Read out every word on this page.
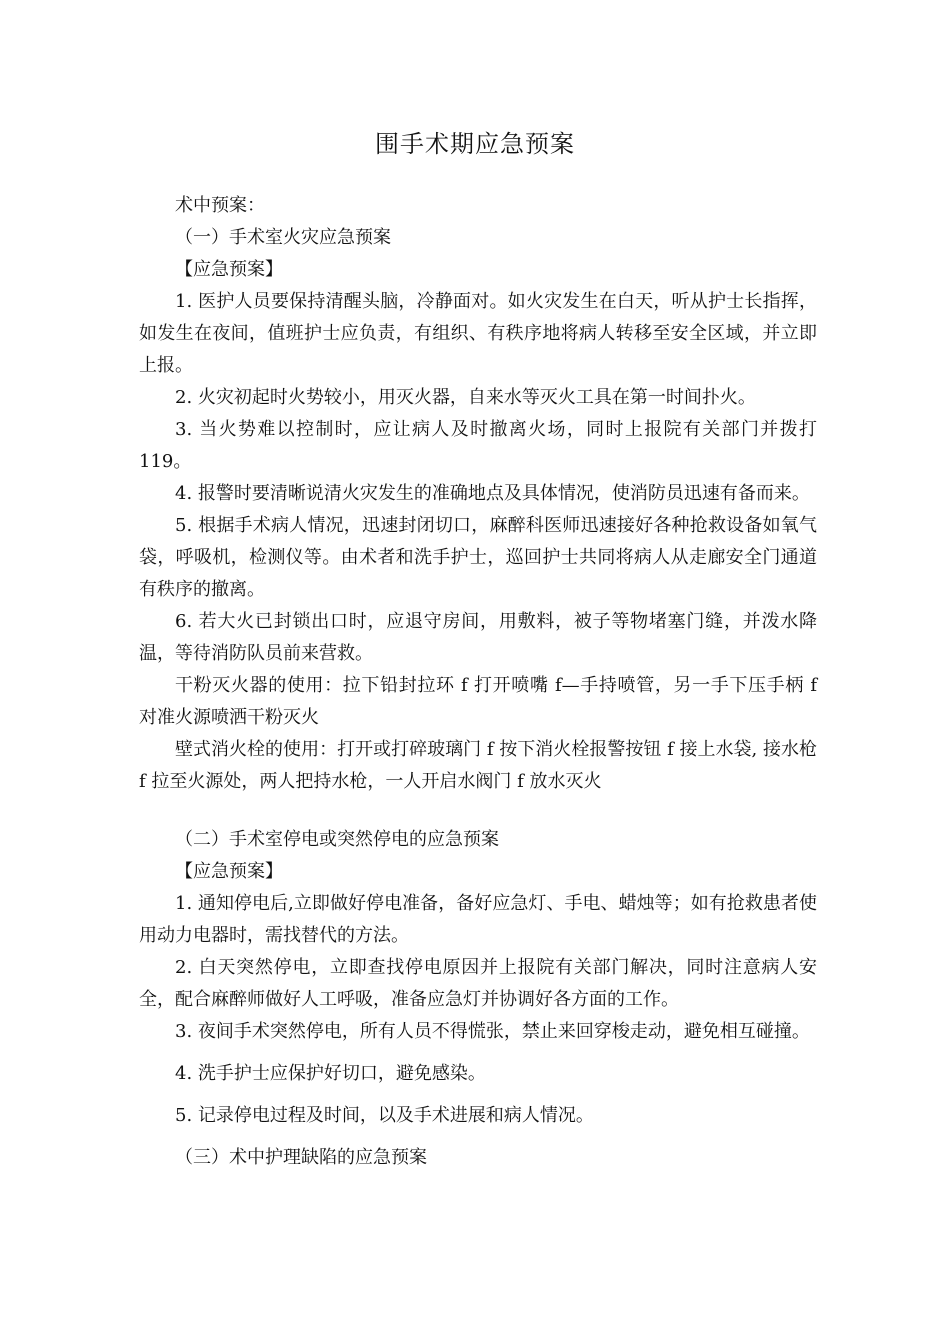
围手术期应急预案

术中预案：

（一）手术室火灾应急预案

【应急预案】

1. 医护人员要保持清醒头脑，冷静面对。如火灾发生在白天，听从护士长指挥，如发生在夜间，值班护士应负责，有组织、有秩序地将病人转移至安全区域，并立即上报。

2. 火灾初起时火势较小，用灭火器，自来水等灭火工具在第一时间扑火。

3. 当火势难以控制时，应让病人及时撤离火场，同时上报院有关部门并拨打 119。

4. 报警时要清晰说清火灾发生的准确地点及具体情况，使消防员迅速有备而来。

5. 根据手术病人情况，迅速封闭切口，麻醉科医师迅速接好各种抢救设备如氧气袋，呼吸机，检测仪等。由术者和洗手护士，巡回护士共同将病人从走廊安全门通道有秩序的撤离。

6. 若大火已封锁出口时，应退守房间，用敷料，被子等物堵塞门缝，并泼水降温，等待消防队员前来营救。

干粉灭火器的使用：拉下铅封拉环 f 打开喷嘴 f—手持喷管，另一手下压手柄 f 对准火源喷洒干粉灭火

壁式消火栓的使用：打开或打碎玻璃门 f 按下消火栓报警按钮 f 接上水袋, 接水枪 f 拉至火源处，两人把持水枪，一人开启水阀门 f 放水灭火

（二）手术室停电或突然停电的应急预案

【应急预案】

1. 通知停电后,立即做好停电准备，备好应急灯、手电、蜡烛等；如有抢救患者使用动力电器时，需找替代的方法。

2. 白天突然停电，立即查找停电原因并上报院有关部门解决，同时注意病人安全，配合麻醉师做好人工呼吸，准备应急灯并协调好各方面的工作。

3. 夜间手术突然停电，所有人员不得慌张，禁止来回穿梭走动，避免相互碰撞。

4. 洗手护士应保护好切口，避免感染。

5. 记录停电过程及时间，以及手术进展和病人情况。

（三）术中护理缺陷的应急预案
